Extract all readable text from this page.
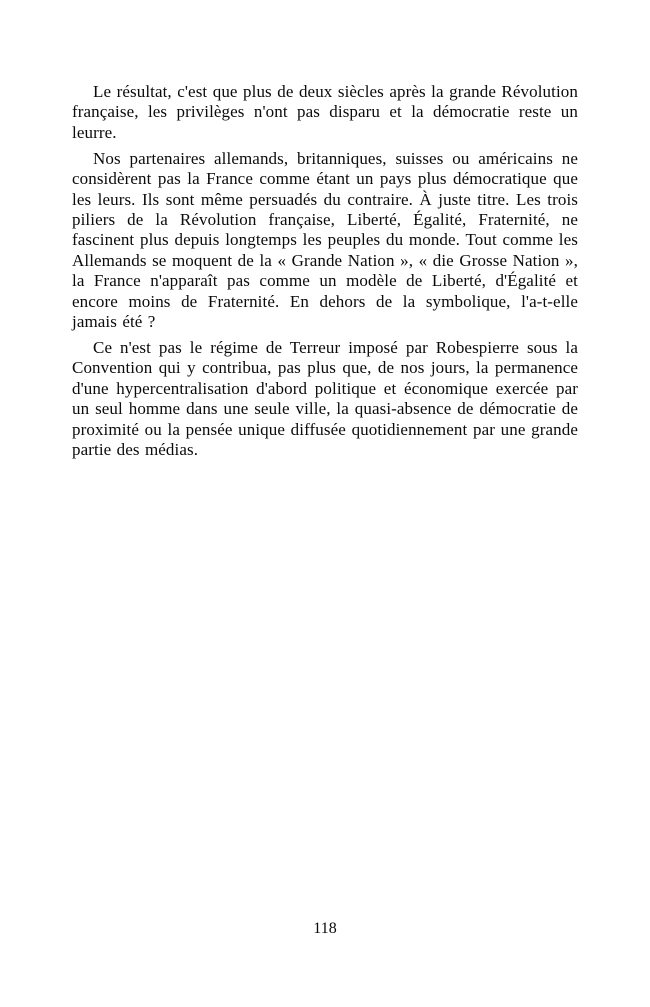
Le résultat, c'est que plus de deux siècles après la grande Révolution française, les privilèges n'ont pas disparu et la démocratie reste un leurre.

Nos partenaires allemands, britanniques, suisses ou américains ne considèrent pas la France comme étant un pays plus démocratique que les leurs. Ils sont même persuadés du contraire. À juste titre. Les trois piliers de la Révolution française, Liberté, Égalité, Fraternité, ne fascinent plus depuis longtemps les peuples du monde. Tout comme les Allemands se moquent de la « Grande Nation », « die Grosse Nation », la France n'apparaît pas comme un modèle de Liberté, d'Égalité et encore moins de Fraternité. En dehors de la symbolique, l'a-t-elle jamais été ?

Ce n'est pas le régime de Terreur imposé par Robespierre sous la Convention qui y contribua, pas plus que, de nos jours, la permanence d'une hypercentralisation d'abord politique et économique exercée par un seul homme dans une seule ville, la quasi-absence de démocratie de proximité ou la pensée unique diffusée quotidiennement par une grande partie des médias.

118
